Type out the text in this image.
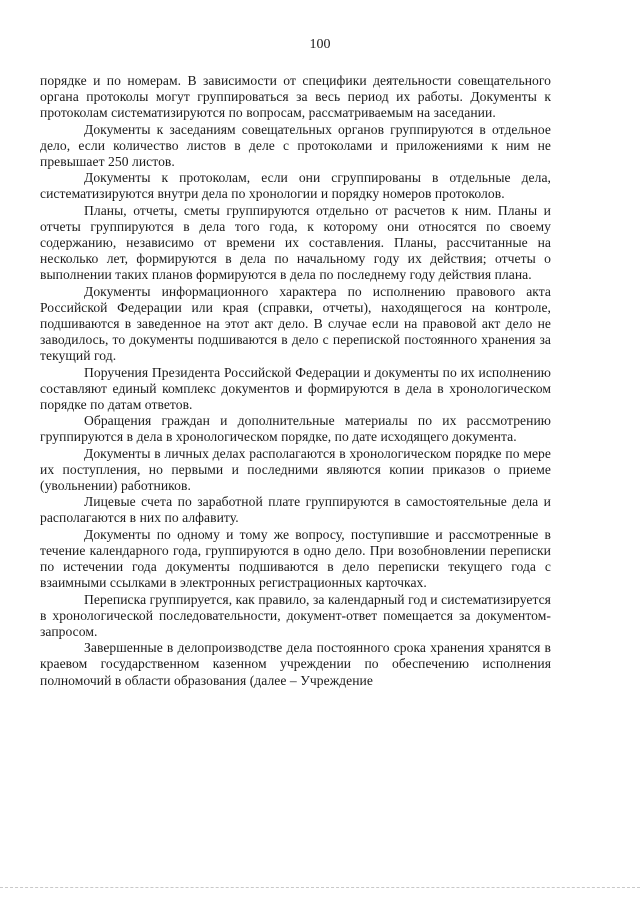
100

порядке и по номерам. В зависимости от специфики деятельности совещательного органа протоколы могут группироваться за весь период их работы. Документы к протоколам систематизируются по вопросам, рассматриваемым на заседании.

Документы к заседаниям совещательных органов группируются в отдельное дело, если количество листов в деле с протоколами и приложениями к ним не превышает 250 листов.

Документы к протоколам, если они сгруппированы в отдельные дела, систематизируются внутри дела по хронологии и порядку номеров протоколов.

Планы, отчеты, сметы группируются отдельно от расчетов к ним. Планы и отчеты группируются в дела того года, к которому они относятся по своему содержанию, независимо от времени их составления. Планы, рассчитанные на несколько лет, формируются в дела по начальному году их действия; отчеты о выполнении таких планов формируются в дела по последнему году действия плана.

Документы информационного характера по исполнению правового акта Российской Федерации или края (справки, отчеты), находящегося на контроле, подшиваются в заведенное на этот акт дело. В случае если на правовой акт дело не заводилось, то документы подшиваются в дело с перепиской постоянного хранения за текущий год.

Поручения Президента Российской Федерации и документы по их исполнению составляют единый комплекс документов и формируются в дела в хронологическом порядке по датам ответов.

Обращения граждан и дополнительные материалы по их рассмотрению группируются в дела в хронологическом порядке, по дате исходящего документа.

Документы в личных делах располагаются в хронологическом порядке по мере их поступления, но первыми и последними являются копии приказов о приеме (увольнении) работников.

Лицевые счета по заработной плате группируются в самостоятельные дела и располагаются в них по алфавиту.

Документы по одному и тому же вопросу, поступившие и рассмотренные в течение календарного года, группируются в одно дело. При возобновлении переписки по истечении года документы подшиваются в дело переписки текущего года с взаимными ссылками в электронных регистрационных карточках.

Переписка группируется, как правило, за календарный год и систематизируется в хронологической последовательности, документ-ответ помещается за документом-запросом.

Завершенные в делопроизводстве дела постоянного срока хранения хранятся в краевом государственном казенном учреждении по обеспечению исполнения полномочий в области образования (далее – Учреждение
